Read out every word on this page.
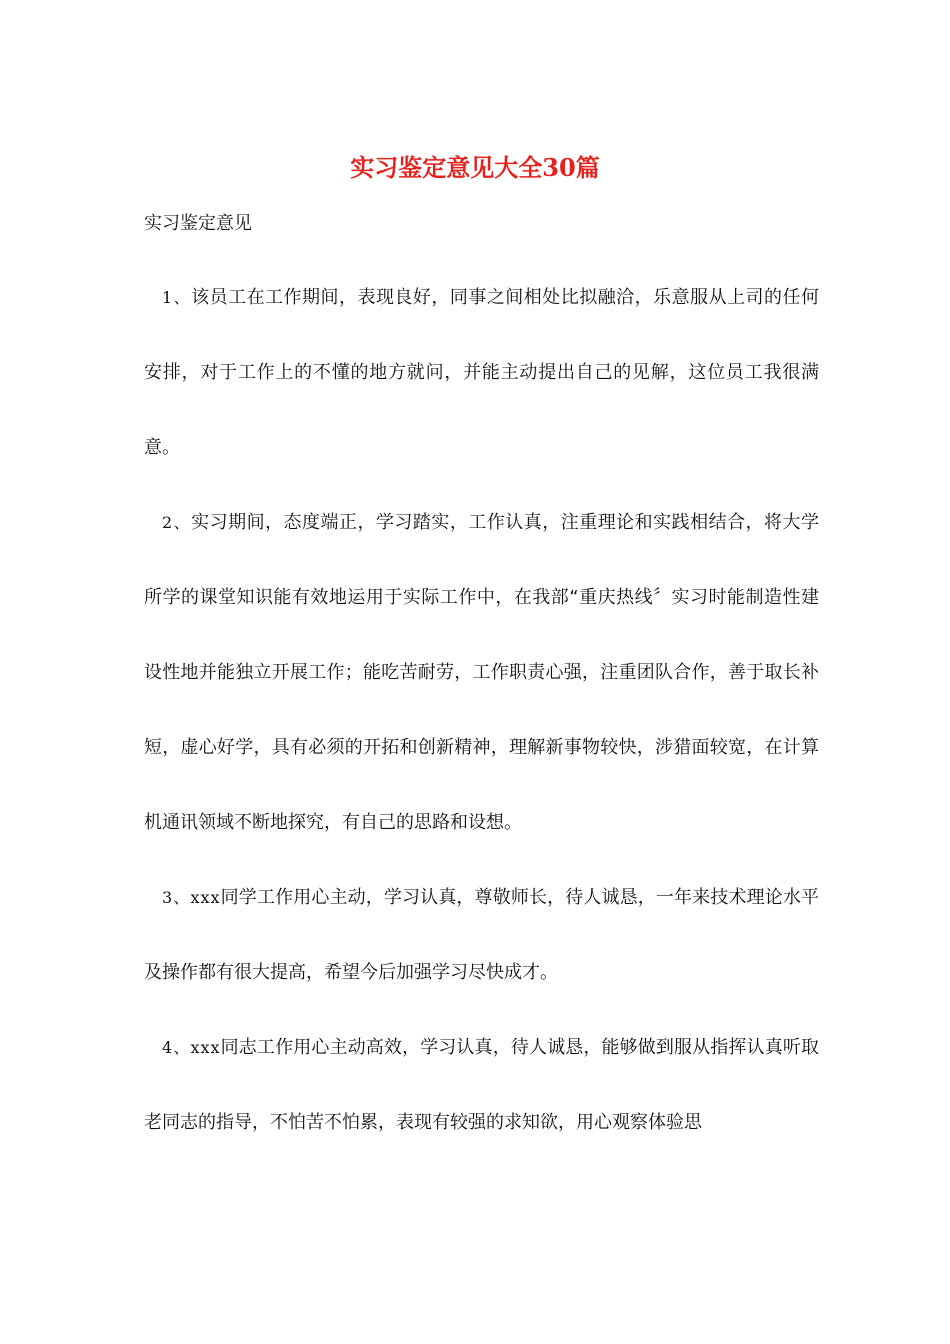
实习鉴定意见大全30篇
实习鉴定意见

1、该员工在工作期间，表现良好，同事之间相处比拟融洽，乐意服从上司的任何安排，对于工作上的不懂的地方就问，并能主动提出自己的见解，这位员工我很满意。

2、实习期间，态度端正，学习踏实，工作认真，注重理论和实践相结合，将大学所学的课堂知识能有效地运用于实际工作中，在我部“重庆热线〞实习时能制造性建设性地并能独立开展工作；能吃苦耐劳，工作职责心强，注重团队合作，善于取长补短，虚心好学，具有必须的开拓和创新精神，理解新事物较快，涉猎面较宽，在计算机通讯领域不断地探究，有自己的思路和设想。

3、xxx同学工作用心主动，学习认真，尊敬师长，待人诚恳，一年来技术理论水平及操作都有很大提高，希望今后加强学习尽快成才。

4、xxx同志工作用心主动高效，学习认真，待人诚恳，能够做到服从指挥认真听取老同志的指导，不怕苦不怕累，表现有较强的求知欲，用心观察体验思
